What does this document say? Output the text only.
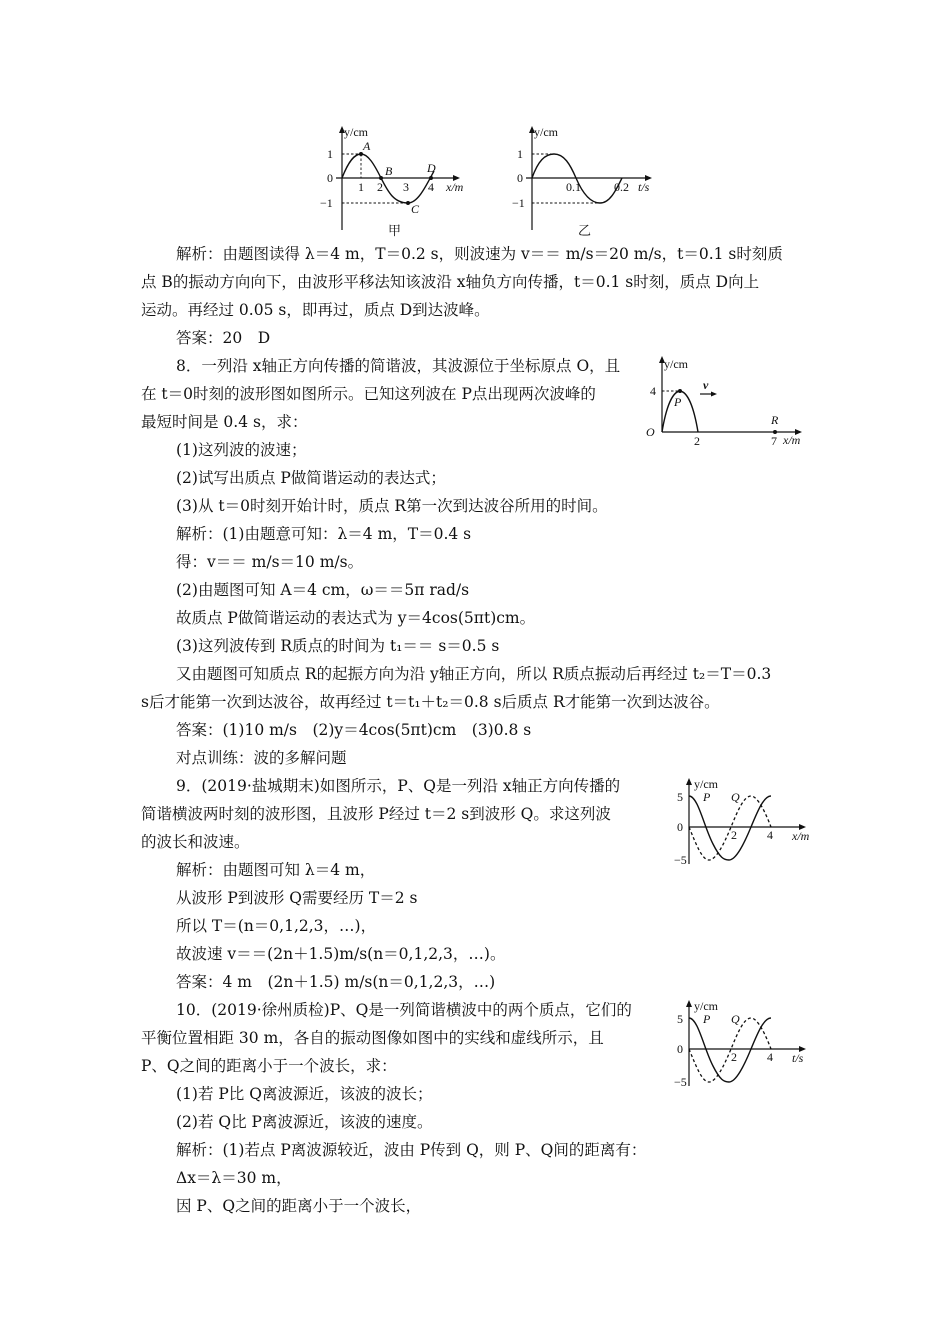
y/cm
x/m
1
0
−1
1 2 3 4
A
B
C
D
甲
y/cm
t/s
1
0
−1
0.1	0.2
乙
y/cm
x/m
4
O
2	7
P
R
v
y/cm
x/m
5
0
−5
2	4
P Q
y/cm
t/s
5
0
−5
2	4
P Q
解析：由题图读得 λ＝4 m，T＝0.2 s，则波速为 v＝＝ m/s＝20 m/s，t＝0.1 s时刻质
点 B的振动方向向下，由波形平移法知该波沿 x轴负方向传播，t＝0.1 s时刻，质点 D向上
运动。再经过 0.05 s，即再过，质点 D到达波峰。
答案：20　D
8．一列沿 x轴正方向传播的简谐波，其波源位于坐标原点 O，且
在 t＝0时刻的波形图如图所示。已知这列波在 P点出现两次波峰的
最短时间是 0.4 s，求：
(1)这列波的波速；
(2)试写出质点 P做简谐运动的表达式；
(3)从 t＝0时刻开始计时，质点 R第一次到达波谷所用的时间。
解析：(1)由题意可知：λ＝4 m，T＝0.4 s
得：v＝＝ m/s＝10 m/s。
(2)由题图可知 A＝4 cm，ω＝＝5π rad/s
故质点 P做简谐运动的表达式为 y＝4cos(5πt)cm。
(3)这列波传到 R质点的时间为 t₁＝＝ s＝0.5 s
又由题图可知质点 R的起振方向为沿 y轴正方向，所以 R质点振动后再经过 t₂＝T＝0.3
s后才能第一次到达波谷，故再经过 t＝t₁＋t₂＝0.8 s后质点 R才能第一次到达波谷。
答案：(1)10 m/s　(2)y＝4cos(5πt)cm　(3)0.8 s
对点训练：波的多解问题
9．(2019·盐城期末)如图所示，P、Q是一列沿 x轴正方向传播的
简谐横波两时刻的波形图，且波形 P经过 t＝2 s到波形 Q。求这列波
的波长和波速。
解析：由题图可知 λ＝4 m，
从波形 P到波形 Q需要经历 T＝2 s
所以 T＝(n＝0,1,2,3，…)，
故波速 v＝＝(2n＋1.5)m/s(n＝0,1,2,3，…)。
答案：4 m　(2n＋1.5) m/s(n＝0,1,2,3，…)
10．(2019·徐州质检)P、Q是一列简谐横波中的两个质点，它们的
平衡位置相距 30 m，各自的振动图像如图中的实线和虚线所示，且
P、Q之间的距离小于一个波长，求：
(1)若 P比 Q离波源近，该波的波长；
(2)若 Q比 P离波源近，该波的速度。
解析：(1)若点 P离波源较近，波由 P传到 Q，则 P、Q间的距离有：
Δx＝λ＝30 m，
因 P、Q之间的距离小于一个波长，
